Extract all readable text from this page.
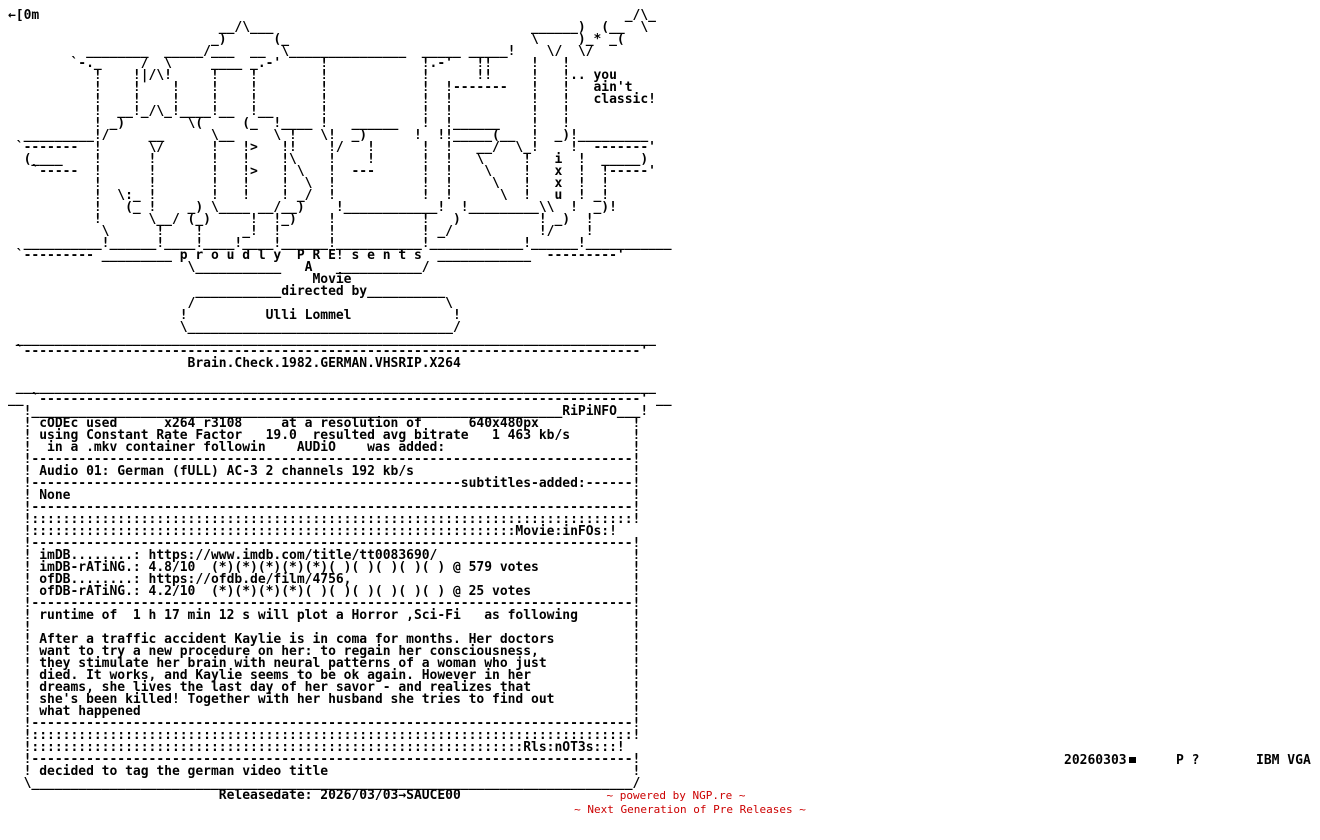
←[0m                                                                           _/\_
__/\___                                 ______)  (__  \
_)      (_                               \     )_* _(
________  _____/___  __  \_______________  _____ _____!    \/  \/
`-._     /  \     ____ _.-'     !            !.-'   !!     !   !
!    !|/\!     !    !        !            !      !!     !   !.. you
!    !    !    !    !        !            !  !-------   !   !   ain't
!    !    !    !    !        !            !  !          !   !   classic!
!  __!_/\_!____!__  !__      !            !  !          !   !
! _)        \(     (_  !____ !   ______   !  !______    !   !
_________!/     __      \__     \ !   \!  _)      !  !!_____(__  !  _)!_________
`-------  !      \/      !   !>   !!    !/   !      !  !   __/  \_!    !  -------'
(____    !      !       !   !    !\    !    !      !  !   \     !   i  !  _____)
`-----  !      !       !   !>   ! \   !  ---      !  !    \    !   x  !  !-----'
!      !       !   !    !  \  !           !  !     \   !   x  !  !
!  \:_ !       !   !    ! _/  !           !  !      \  !   u  ! _!
!   (_ !    _) \____ __/__)    !____________!  !_________\\  !  _)!
!      \__/ (_)     !  !_)    !           !   )          ! _)  !
\      !    !     _!  !      !           ! _/           !/    !
__________!______!____!____!____!______!___________!____________!______!___________
`--------- _________ p r o u d l y  P R E! s e n t s  ____________  ---------'
\___________   A   ___________/
Movie
___________directed by__________
/                                \
!          Ulli Lommel             !
\__________________________________/
__________________________________________________________________________________
`-------------------------------------------------------------------------------'
Brain.Check.1982.GERMAN.VHSRIP.X264

__________________________________________________________________________________
__ `-----------------------------------------------------------------------------' __
!____________________________________________________________________RiPiNFO___!
! cODEc used      x264 r3108     at a resolution of      640x480px            !
! using Constant Rate Factor   19.0  resulted avg bitrate   1 463 kb/s        !
!  in a .mkv container followin    AUDiO    was added:                        !
!-----------------------------------------------------------------------------!
! Audio 01: German (fULL) AC-3 2 channels 192 kb/s                            !
!-------------------------------------------------------subtitles-added:------!
! None                                                                        !
!-----------------------------------------------------------------------------!
!:::::::::::::::::::::::::::::::::::::::::::::::::::::::::::::::::::::::::::::!
!::::::::::::::::::::::::::::::::::::::::::::::::::::::::::::::Movie:inFOs:!
!-----------------------------------------------------------------------------!
! imDB........: https://www.imdb.com/title/tt0083690/                         !
! imDB-rATiNG.: 4.8/10  (*)(*)(*)(*)(*)( )( )( )( )( ) @ 579 votes            !
! ofDB........: https://ofdb.de/film/4756,                                    !
! ofDB-rATiNG.: 4.2/10  (*)(*)(*)(*)( )( )( )( )( )( ) @ 25 votes             !
!-----------------------------------------------------------------------------!
! runtime of  1 h 17 min 12 s will plot a Horror ,Sci-Fi   as following       !
!                                                                             !
! After a traffic accident Kaylie is in coma for months. Her doctors          !
! want to try a new procedure on her: to regain her consciousness,            !
! they stimulate her brain with neural patterns of a woman who just           !
! died. It works, and Kaylie seems to be ok again. However in her             !
! dreams, she lives the last day of her savor - and realizes that             !
! she's been killed! Together with her husband she tries to find out          !
! what happened                                                               !
!-----------------------------------------------------------------------------!
!:::::::::::::::::::::::::::::::::::::::::::::::::::::::::::::::::::::::::::::!
!:::::::::::::::::::::::::::::::::::::::::::::::::::::::::::::::Rls:nOT3s:::!
!-----------------------------------------------------------------------------!
! decided to tag the german video title                                       !
\_____________________________________________________________________________/
Releasedate: 2026/03/03→SAUCE00
20260303	P ?	IBM VGA
~ powered by NGP.re ~
~ Next Generation of Pre Releases ~
